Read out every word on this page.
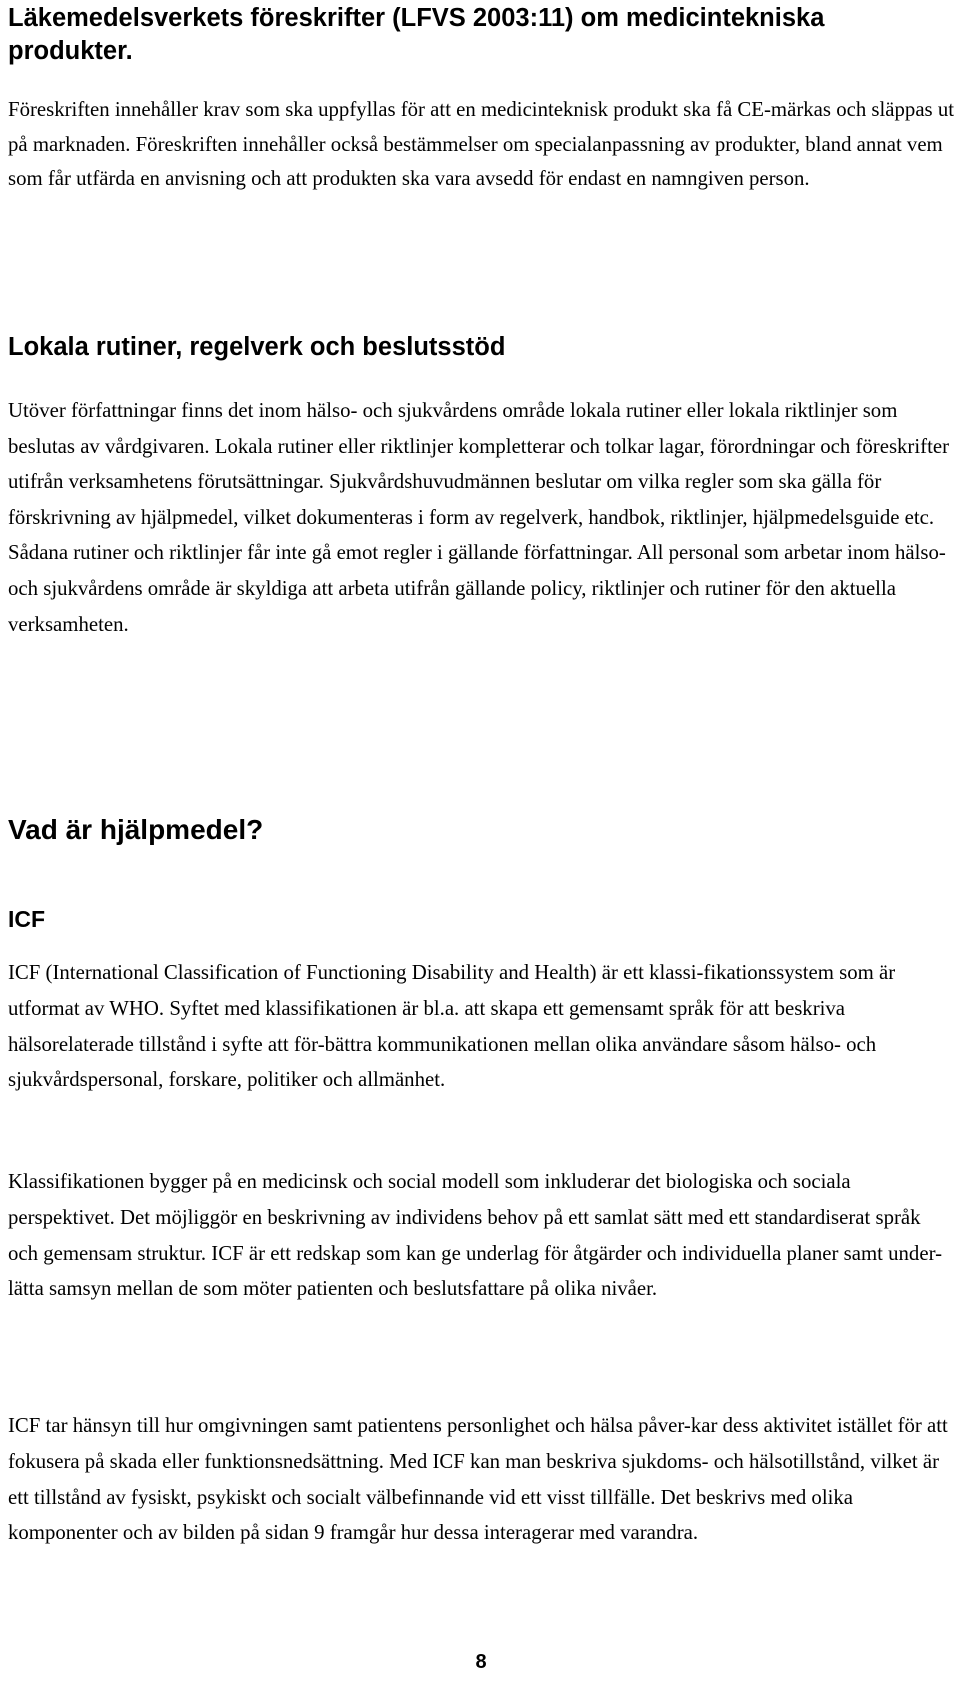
Läkemedelsverkets föreskrifter (LFVS 2003:11) om medicintekniska produkter.

Föreskriften innehåller krav som ska uppfyllas för att en medicinteknisk produkt ska få CE-märkas och släppas ut på marknaden. Föreskriften innehåller också bestämmelser om specialanpassning av produkter, bland annat vem som får utfärda en anvisning och att produkten ska vara avsedd för endast en namngiven person.

Lokala rutiner, regelverk och beslutsstöd

Utöver författningar finns det inom hälso- och sjukvårdens område lokala rutiner eller lokala riktlinjer som beslutas av vårdgivaren. Lokala rutiner eller riktlinjer kompletterar och tolkar lagar, förordningar och föreskrifter utifrån verksamhetens förutsättningar. Sjukvårdshuvudmännen beslutar om vilka regler som ska gälla för förskrivning av hjälpmedel, vilket dokumenteras i form av regelverk, handbok, riktlinjer, hjälpmedelsguide etc. Sådana rutiner och riktlinjer får inte gå emot regler i gällande författningar. All personal som arbetar inom hälso- och sjukvårdens område är skyldiga att arbeta utifrån gällande policy, riktlinjer och rutiner för den aktuella verksamheten.

Vad är hjälpmedel?
ICF

ICF (International Classification of Functioning Disability and Health) är ett klassi-fikationssystem som är utformat av WHO. Syftet med klassifikationen är bl.a. att skapa ett gemensamt språk för att beskriva hälsorelaterade tillstånd i syfte att för-bättra kommunikationen mellan olika användare såsom hälso- och sjukvårdspersonal, forskare, politiker och allmänhet.

Klassifikationen bygger på en medicinsk och social modell som inkluderar det biologiska och sociala perspektivet. Det möjliggör en beskrivning av individens behov på ett samlat sätt med ett standardiserat språk och gemensam struktur. ICF är ett redskap som kan ge underlag för åtgärder och individuella planer samt under-lätta samsyn mellan de som möter patienten och beslutsfattare på olika nivåer.

ICF tar hänsyn till hur omgivningen samt patientens personlighet och hälsa påver-kar dess aktivitet istället för att fokusera på skada eller funktionsnedsättning. Med ICF kan man beskriva sjukdoms- och hälsotillstånd, vilket är ett tillstånd av fysiskt, psykiskt och socialt välbefinnande vid ett visst tillfälle. Det beskrivs med olika komponenter och av bilden på sidan 9 framgår hur dessa interagerar med varandra.

8
